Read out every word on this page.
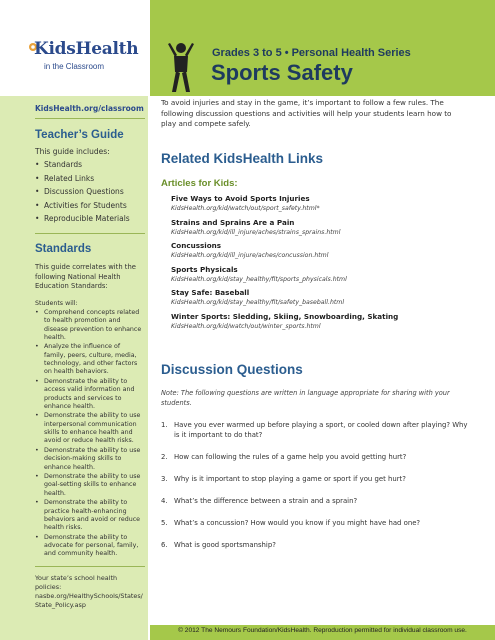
KidsHealth
in the Classroom
Grades 3 to 5 • Personal Health Series
Sports Safety
KidsHealth.org/classroom
Teacher’s Guide
This guide includes:
• Standards
• Related Links
• Discussion Questions
• Activities for Students
• Reproducible Materials
Standards
This guide correlates with the following National Health Education Standards:
Students will:
• Comprehend concepts related to health promotion and disease prevention to enhance health.
• Analyze the influence of family, peers, culture, media, technology, and other factors on health behaviors.
• Demonstrate the ability to access valid information and products and services to enhance health.
• Demonstrate the ability to use interpersonal communication skills to enhance health and avoid or reduce health risks.
• Demonstrate the ability to use decision-making skills to enhance health.
• Demonstrate the ability to use goal-setting skills to enhance health.
• Demonstrate the ability to practice health-enhancing behaviors and avoid or reduce health risks.
• Demonstrate the ability to advocate for personal, family, and community health.
Your state’s school health policies:
nasbe.org/HealthySchools/States/
State_Policy.asp
To avoid injuries and stay in the game, it’s important to follow a few rules. The following discussion questions and activities will help your students learn how to play and compete safely.
Related KidsHealth Links
Articles for Kids:
Five Ways to Avoid Sports Injuries
KidsHealth.org/kid/watch/out/sport_safety.html*
Strains and Sprains Are a Pain
KidsHealth.org/kid/ill_injure/aches/strains_sprains.html
Concussions
KidsHealth.org/kid/ill_injure/aches/concussion.html
Sports Physicals
KidsHealth.org/kid/stay_healthy/fit/sports_physicals.html
Stay Safe: Baseball
KidsHealth.org/kid/stay_healthy/fit/safety_baseball.html
Winter Sports: Sledding, Skiing, Snowboarding, Skating
KidsHealth.org/kid/watch/out/winter_sports.html
Discussion Questions
Note: The following questions are written in language appropriate for sharing with your students.
1. Have you ever warmed up before playing a sport, or cooled down after playing? Why is it important to do that?
2. How can following the rules of a game help you avoid getting hurt?
3. Why is it important to stop playing a game or sport if you get hurt?
4. What’s the difference between a strain and a sprain?
5. What’s a concussion? How would you know if you might have had one?
6. What is good sportsmanship?
© 2012 The Nemours Foundation/KidsHealth. Reproduction permitted for individual classroom use.
